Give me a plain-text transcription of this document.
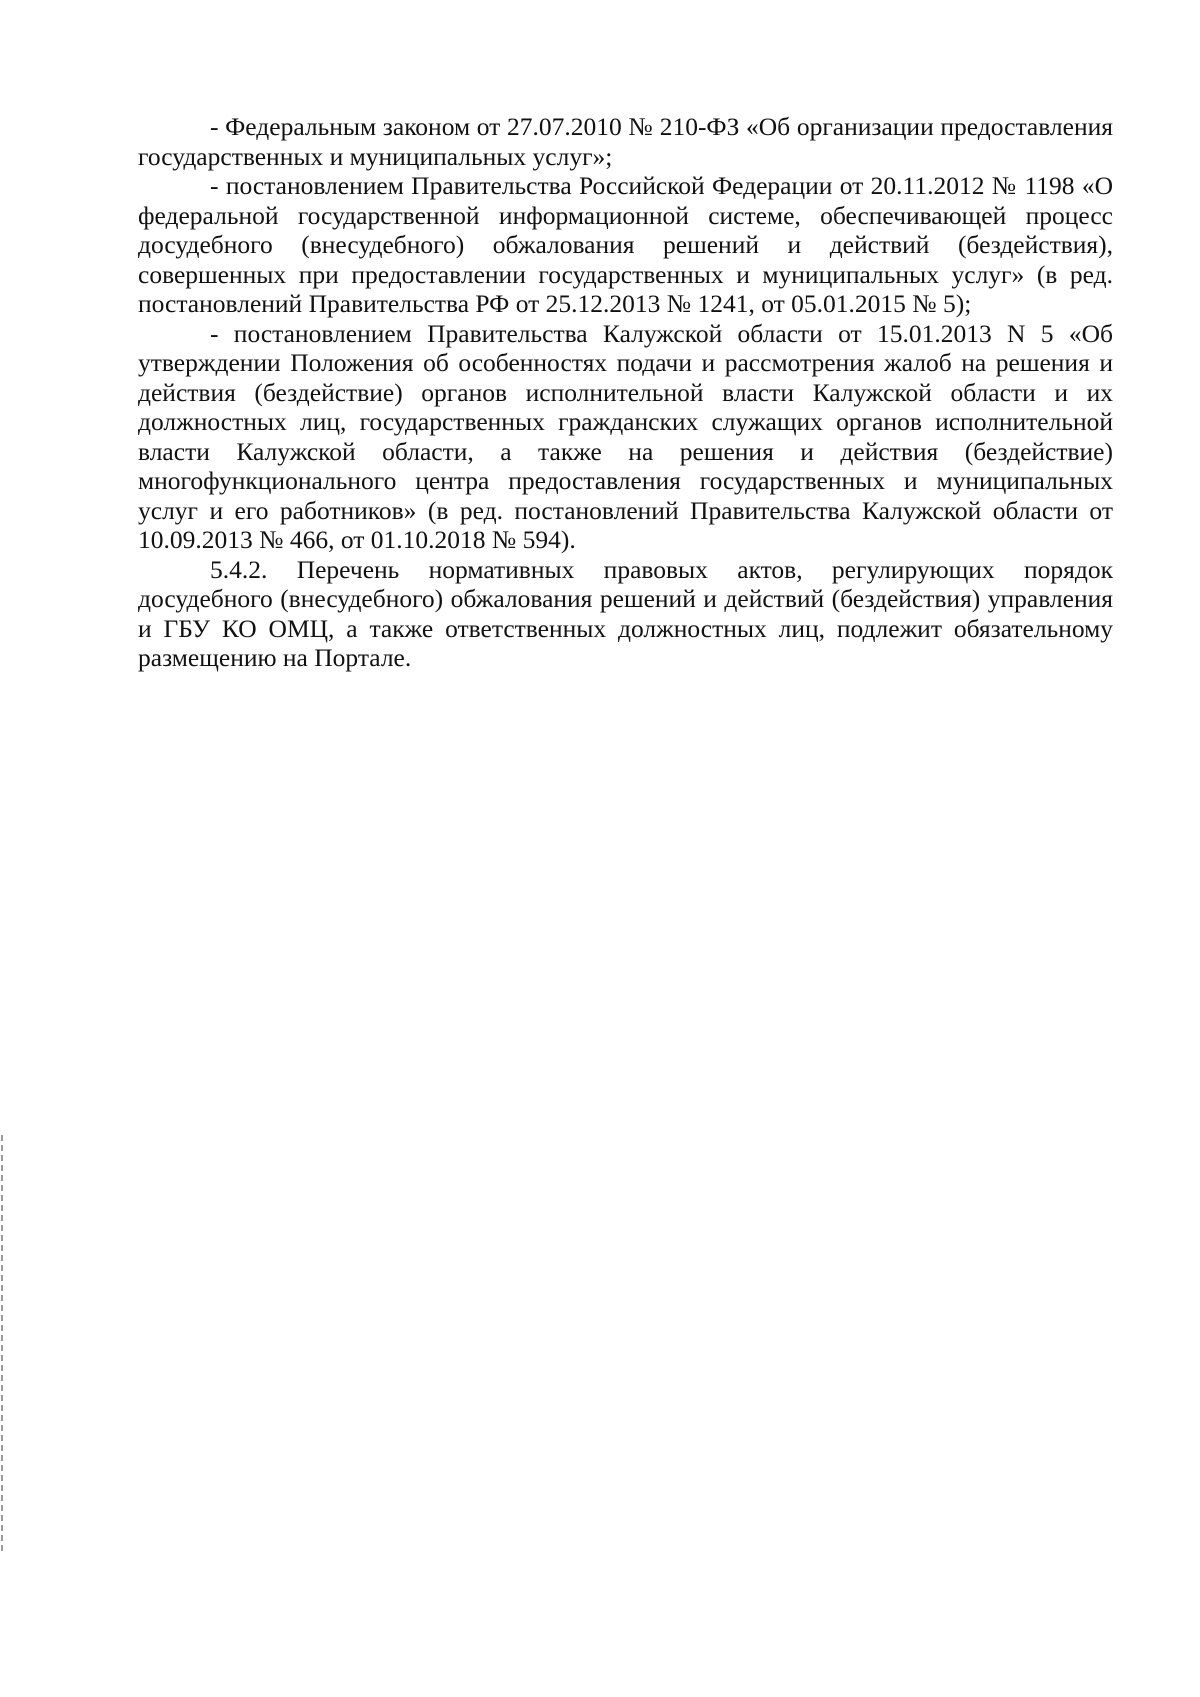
- Федеральным законом от 27.07.2010 № 210-ФЗ «Об организации предоставления государственных и муниципальных услуг»;

- постановлением Правительства Российской Федерации от 20.11.2012 № 1198 «О федеральной государственной информационной системе, обеспечивающей процесс досудебного (внесудебного) обжалования решений и действий (бездействия), совершенных при предоставлении государственных и муниципальных услуг» (в ред. постановлений Правительства РФ от 25.12.2013 № 1241, от 05.01.2015 № 5);

- постановлением Правительства Калужской области от 15.01.2013 N 5 «Об утверждении Положения об особенностях подачи и рассмотрения жалоб на решения и действия (бездействие) органов исполнительной власти Калужской области и их должностных лиц, государственных гражданских служащих органов исполнительной власти Калужской области, а также на решения и действия (бездействие) многофункционального центра предоставления государственных и муниципальных услуг и его работников» (в ред. постановлений Правительства Калужской области от 10.09.2013 № 466, от 01.10.2018 № 594).

5.4.2. Перечень нормативных правовых актов, регулирующих порядок досудебного (внесудебного) обжалования решений и действий (бездействия) управления и ГБУ КО ОМЦ, а также ответственных должностных лиц, подлежит обязательному размещению на Портале.
